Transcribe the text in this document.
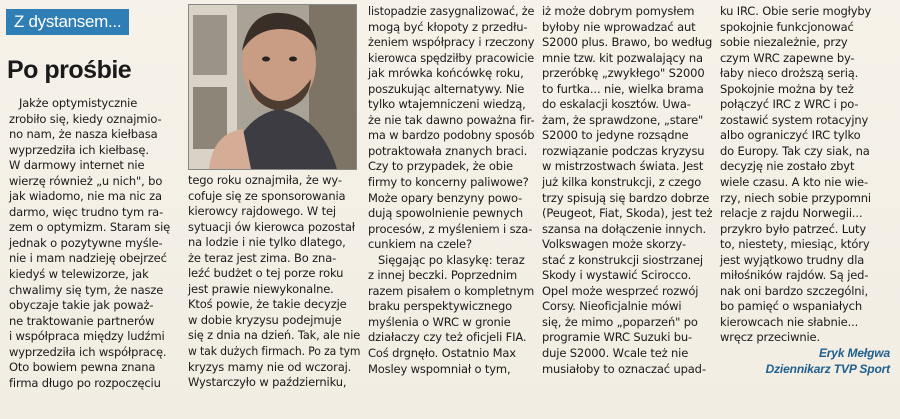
Z dystansem...
Po prośbie

Jakże optymistycznie

zrobiło się, kiedy oznajmio-

no nam, że nasza kiełbasa

wyprzedziła ich kiełbasę.

W darmowy internet nie

wierzę również „u nich", bo

jak wiadomo, nie ma nic za

darmo, więc trudno tym ra-

zem o optymizm. Staram się

jednak o pozytywne myśle-

nie i mam nadzieję obejrzeć

kiedyś w telewizorze, jak

chwalimy się tym, że nasze

obyczaje takie jak poważ-

ne traktowanie partnerów

i współpraca między ludźmi

wyprzedziła ich współpracę.

Oto bowiem pewna znana

firma długo po rozpoczęciu

tego roku oznajmiła, że wy-

cofuje się ze sponsorowania

kierowcy rajdowego. W tej

sytuacji ów kierowca pozostał

na lodzie i nie tylko dlatego,

że teraz jest zima. Bo zna-

leźć budżet o tej porze roku

jest prawie niewykonalne.

Ktoś powie, że takie decyzje

w dobie kryzysu podejmuje

się z dnia na dzień. Tak, ale nie

w tak dużych firmach. Po za tym

kryzys mamy nie od wczoraj.

Wystarczyło w październiku,

listopadzie zasygnalizować, że

mogą być kłopoty z przedłu-

żeniem współpracy i rzeczony

kierowca spędziłby pracowicie

jak mrówka końcówkę roku,

poszukując alternatywy. Nie

tylko wtajemniczeni wiedzą,

że nie tak dawno poważna fir-

ma w bardzo podobny sposób

potraktowała znanych braci.

Czy to przypadek, że obie

firmy to koncerny paliwowe?

Może opary benzyny powo-

dują spowolnienie pewnych

procesów, z myśleniem i sza-

cunkiem na czele?

Sięgając po klasykę: teraz

z innej beczki. Poprzednim

razem pisałem o kompletnym

braku perspektywicznego

myślenia o WRC w gronie

działaczy czy też oficjeli FIA.

Coś drgnęło. Ostatnio Max

Mosley wspomniał o tym,

iż może dobrym pomysłem

byłoby nie wprowadzać aut

S2000 plus. Brawo, bo według

mnie tzw. kit pozwalający na

przeróbkę „zwykłego" S2000

to furtka... nie, wielka brama

do eskalacji kosztów. Uwa-

żam, że sprawdzone, „stare"

S2000 to jedyne rozsądne

rozwiązanie podczas kryzysu

w mistrzostwach świata. Jest

już kilka konstrukcji, z czego

trzy spisują się bardzo dobrze

(Peugeot, Fiat, Skoda), jest też

szansa na dołączenie innych.

Volkswagen może skorzy-

stać z konstrukcji siostrzanej

Skody i wystawić Scirocco.

Opel może wesprzeć rozwój

Corsy. Nieoficjalnie mówi

się, że mimo „poparzeń" po

programie WRC Suzuki bu-

duje S2000. Wcale też nie

musiałoby to oznaczać upad-

ku IRC. Obie serie mogłyby

spokojnie funkcjonować

sobie niezależnie, przy

czym WRC zapewne by-

łaby nieco droższą serią.

Spokojnie można by też

połączyć IRC z WRC i po-

zostawić system rotacyjny

albo ograniczyć IRC tylko

do Europy. Tak czy siak, na

decyzję nie zostało zbyt

wiele czasu. A kto nie wie-

rzy, niech sobie przypomni

relacje z rajdu Norwegii...

przykro było patrzeć. Luty

to, niestety, miesiąc, który

jest wyjątkowo trudny dla

miłośników rajdów. Są jed-

nak oni bardzo szczególni,

bo pamięć o wspaniałych

kierowcach nie słabnie...

wręcz przeciwnie.

Eryk Mełgwa

Dziennikarz TVP Sport
